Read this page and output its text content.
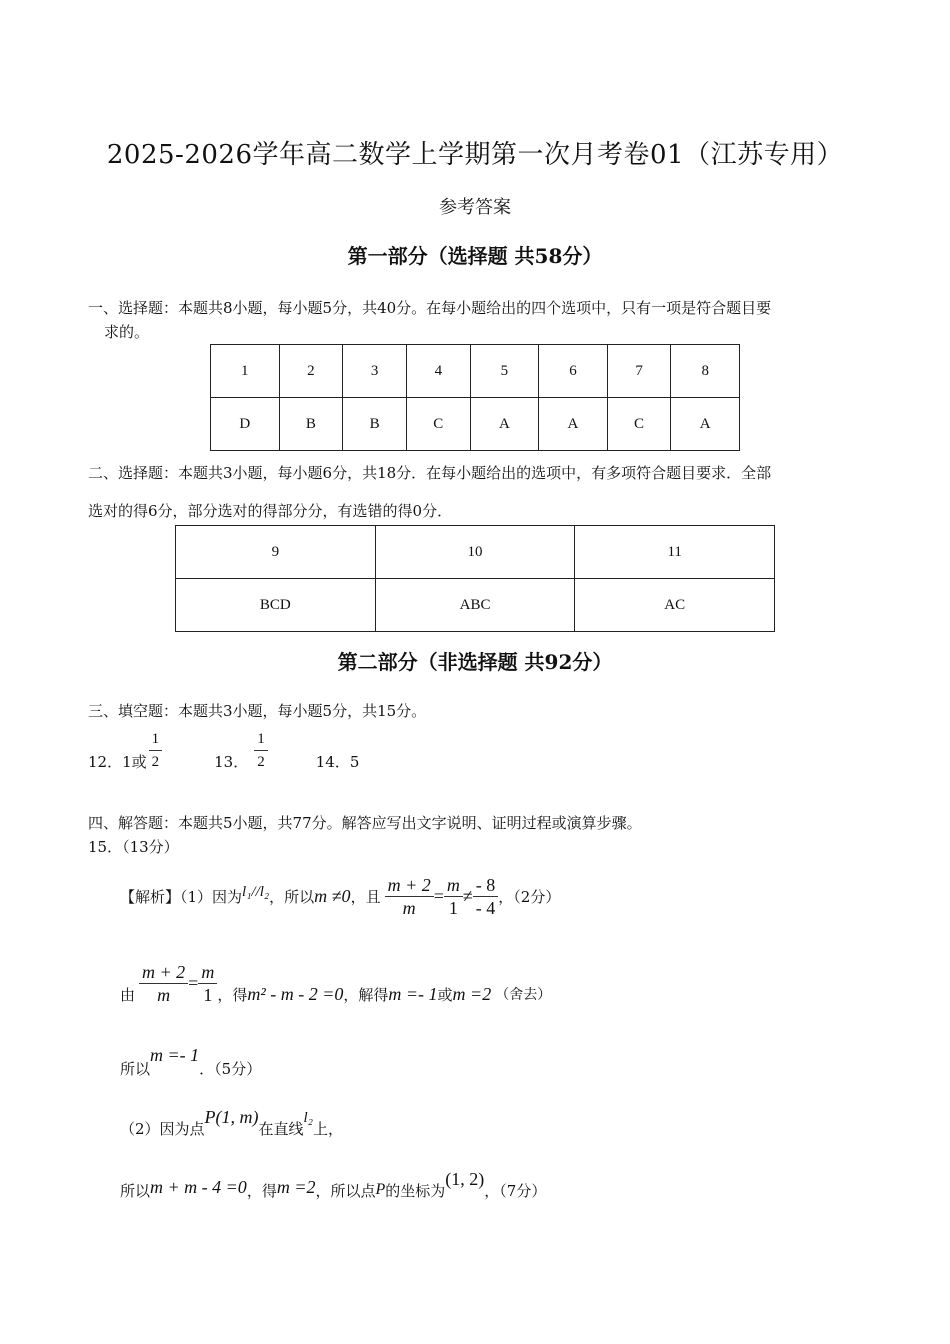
2025-2026学年高二数学上学期第一次月考卷01（江苏专用）
参考答案
第一部分（选择题 共58分）
一、选择题：本题共8小题，每小题5分，共40分。在每小题给出的四个选项中，只有一项是符合题目要
求的。
1	2	3	4	5	6	7	8
D	B	B	C	A	A	C	A
二、选择题：本题共3小题，每小题6分，共18分．在每小题给出的选项中，有多项符合题目要求．全部
选对的得6分，部分选对的得部分分，有选错的得0分．
9	10	11
BCD	ABC	AC
第二部分（非选择题 共92分）
三、填空题：本题共3小题，每小题5分，共15分。
12．1或 $\frac{1}{2}$	13． $\frac{1}{2}$	14．5
四、解答题：本题共5小题，共77分。解答应写出文字说明、证明过程或演算步骤。
15．（13分）
【解析】（1）因为 l₁//l₂ ，所以 m ≠0 ，且 $\frac{m + 2}{m} = \frac{m}{1} \ne \frac{- 8}{- 4}$ ，（2分）
由 $\frac{m + 2}{m} = \frac{m}{1}$ ，得 m² - m - 2 =0 ，解得 m =- 1 或 m =2 （舍去）
所以
m =- 1
．（5分）
（2）因为点
P(1, m)
在直线
l₂
上，
所以 m + m - 4 =0 ，得 m =2 ，所以点 P 的坐标为
(1, 2)
，（7分）
